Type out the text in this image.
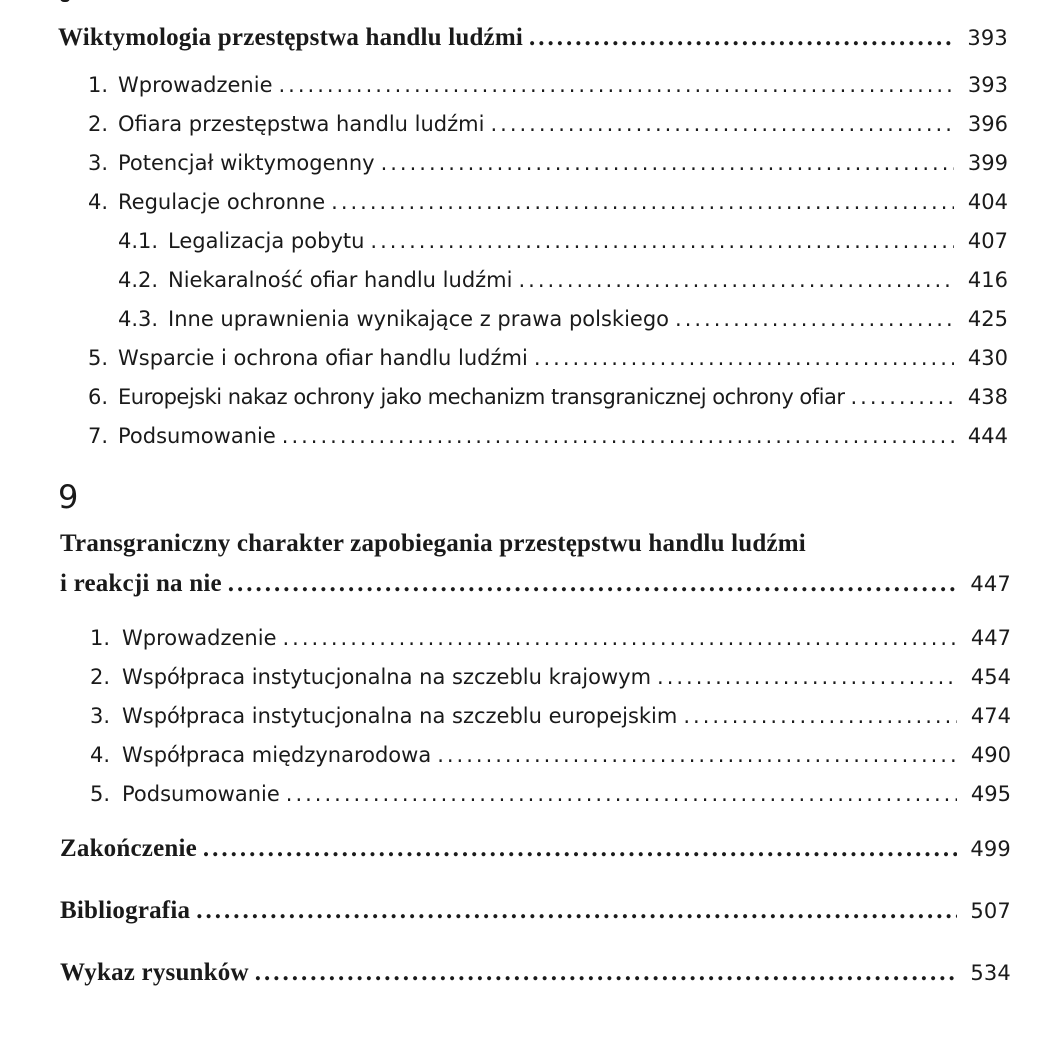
Wiktymologia przestępstwa handlu ludźmi .....	393
1. Wprowadzenie .....	393
2. Ofiara przestępstwa handlu ludźmi .....	396
3. Potencjał wiktymogenny .....	399
4. Regulacje ochronne .....	404
4.1. Legalizacja pobytu .....	407
4.2. Niekaralność ofiar handlu ludźmi .....	416
4.3. Inne uprawnienia wynikające z prawa polskiego .....	425
5. Wsparcie i ochrona ofiar handlu ludźmi .....	430
6. Europejski nakaz ochrony jako mechanizm transgranicznej ochrony ofiar .....	438
7. Podsumowanie .....	444
9
Transgraniczny charakter zapobiegania przestępstwu handlu ludźmi
i reakcji na nie .....	447
1. Wprowadzenie .....	447
2. Współpraca instytucjonalna na szczeblu krajowym .....	454
3. Współpraca instytucjonalna na szczeblu europejskim .....	474
4. Współpraca międzynarodowa .....	490
5. Podsumowanie .....	495
Zakończenie .....	499
Bibliografia .....	507
Wykaz rysunków .....	534
